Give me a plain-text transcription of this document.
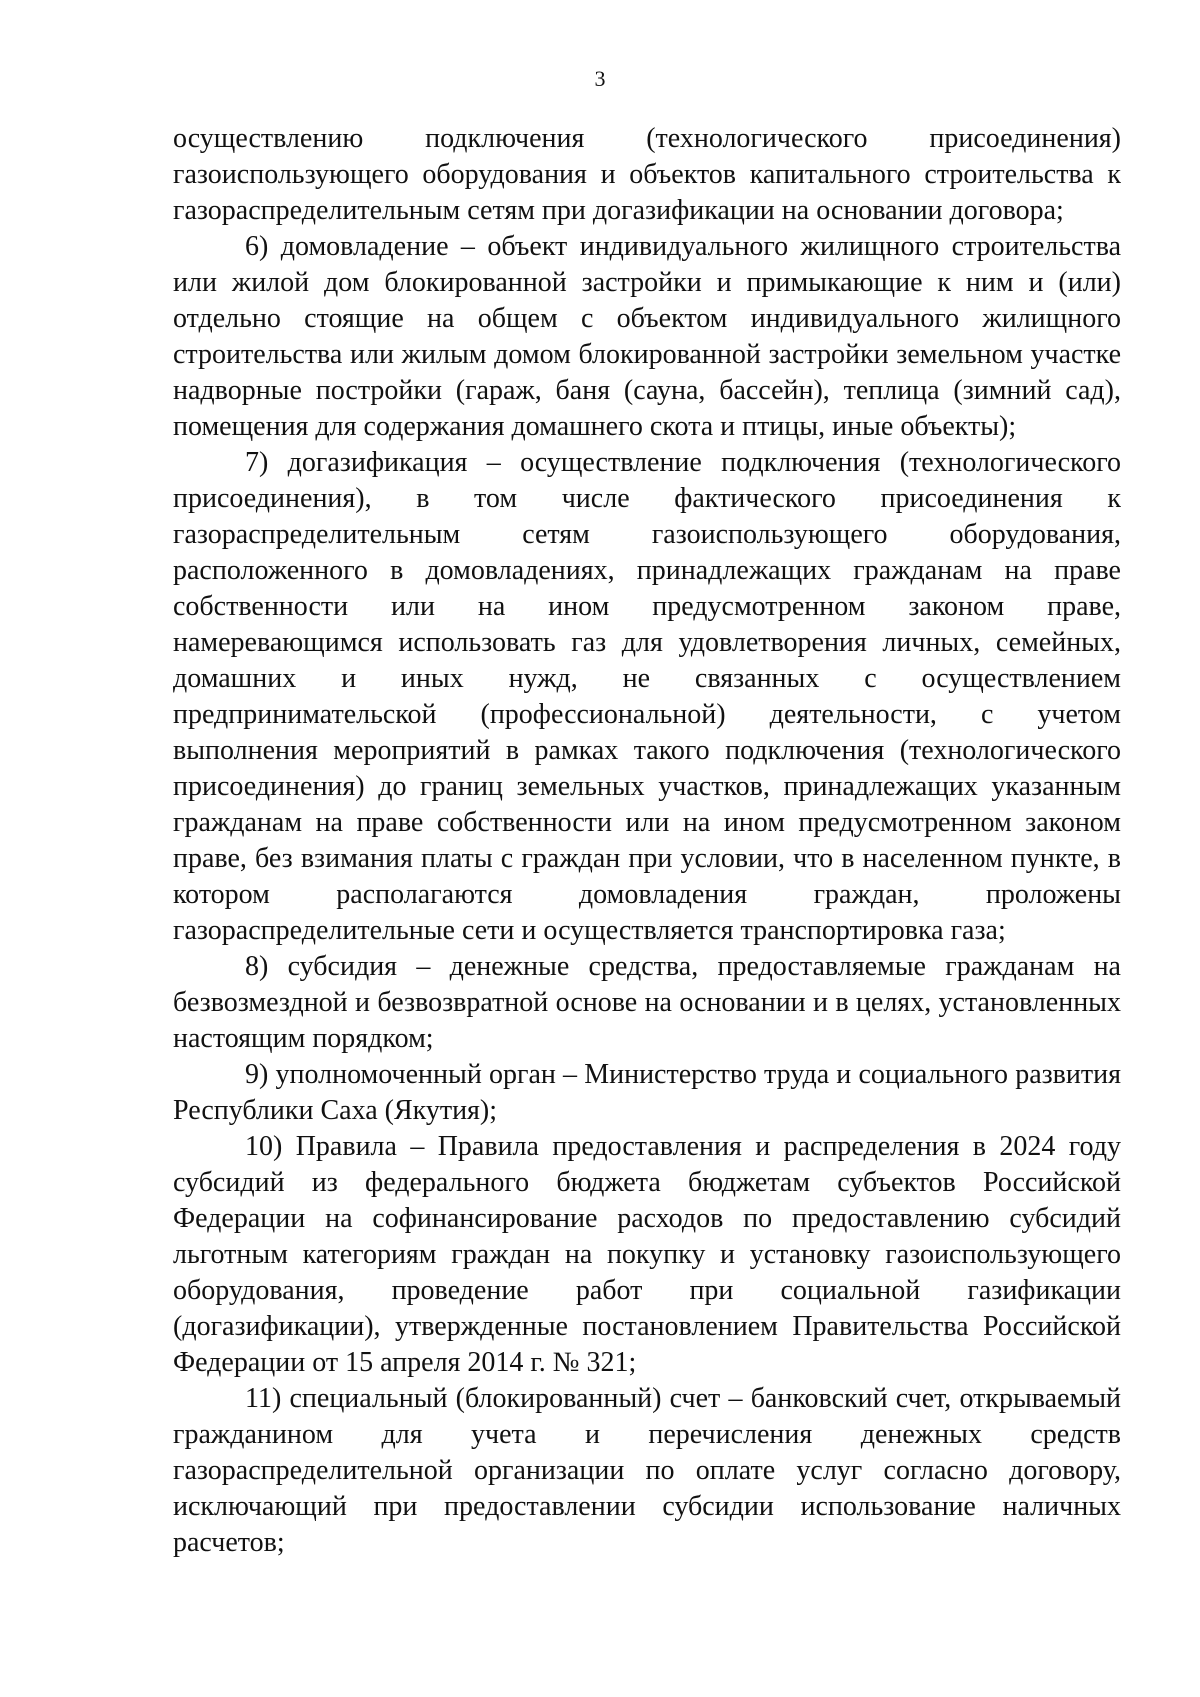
3

осуществлению подключения (технологического присоединения) газоиспользующего оборудования и объектов капитального строительства к газораспределительным сетям при догазификации на основании договора;

6) домовладение – объект индивидуального жилищного строительства или жилой дом блокированной застройки и примыкающие к ним и (или) отдельно стоящие на общем с объектом индивидуального жилищного строительства или жилым домом блокированной застройки земельном участке надворные постройки (гараж, баня (сауна, бассейн), теплица (зимний сад), помещения для содержания домашнего скота и птицы, иные объекты);

7) догазификация – осуществление подключения (технологического присоединения), в том числе фактического присоединения к газораспределительным сетям газоиспользующего оборудования, расположенного в домовладениях, принадлежащих гражданам на праве собственности или на ином предусмотренном законом праве, намеревающимся использовать газ для удовлетворения личных, семейных, домашних и иных нужд, не связанных с осуществлением предпринимательской (профессиональной) деятельности, с учетом выполнения мероприятий в рамках такого подключения (технологического присоединения) до границ земельных участков, принадлежащих указанным гражданам на праве собственности или на ином предусмотренном законом праве, без взимания платы с граждан при условии, что в населенном пункте, в котором располагаются домовладения граждан, проложены газораспределительные сети и осуществляется транспортировка газа;

8) субсидия – денежные средства, предоставляемые гражданам на безвозмездной и безвозвратной основе на основании и в целях, установленных настоящим порядком;

9) уполномоченный орган – Министерство труда и социального развития Республики Саха (Якутия);

10) Правила – Правила предоставления и распределения в 2024 году субсидий из федерального бюджета бюджетам субъектов Российской Федерации на софинансирование расходов по предоставлению субсидий льготным категориям граждан на покупку и установку газоиспользующего оборудования, проведение работ при социальной газификации (догазификации), утвержденные постановлением Правительства Российской Федерации от 15 апреля 2014 г. № 321;

11) специальный (блокированный) счет – банковский счет, открываемый гражданином для учета и перечисления денежных средств газораспределительной организации по оплате услуг согласно договору, исключающий при предоставлении субсидии использование наличных расчетов;
